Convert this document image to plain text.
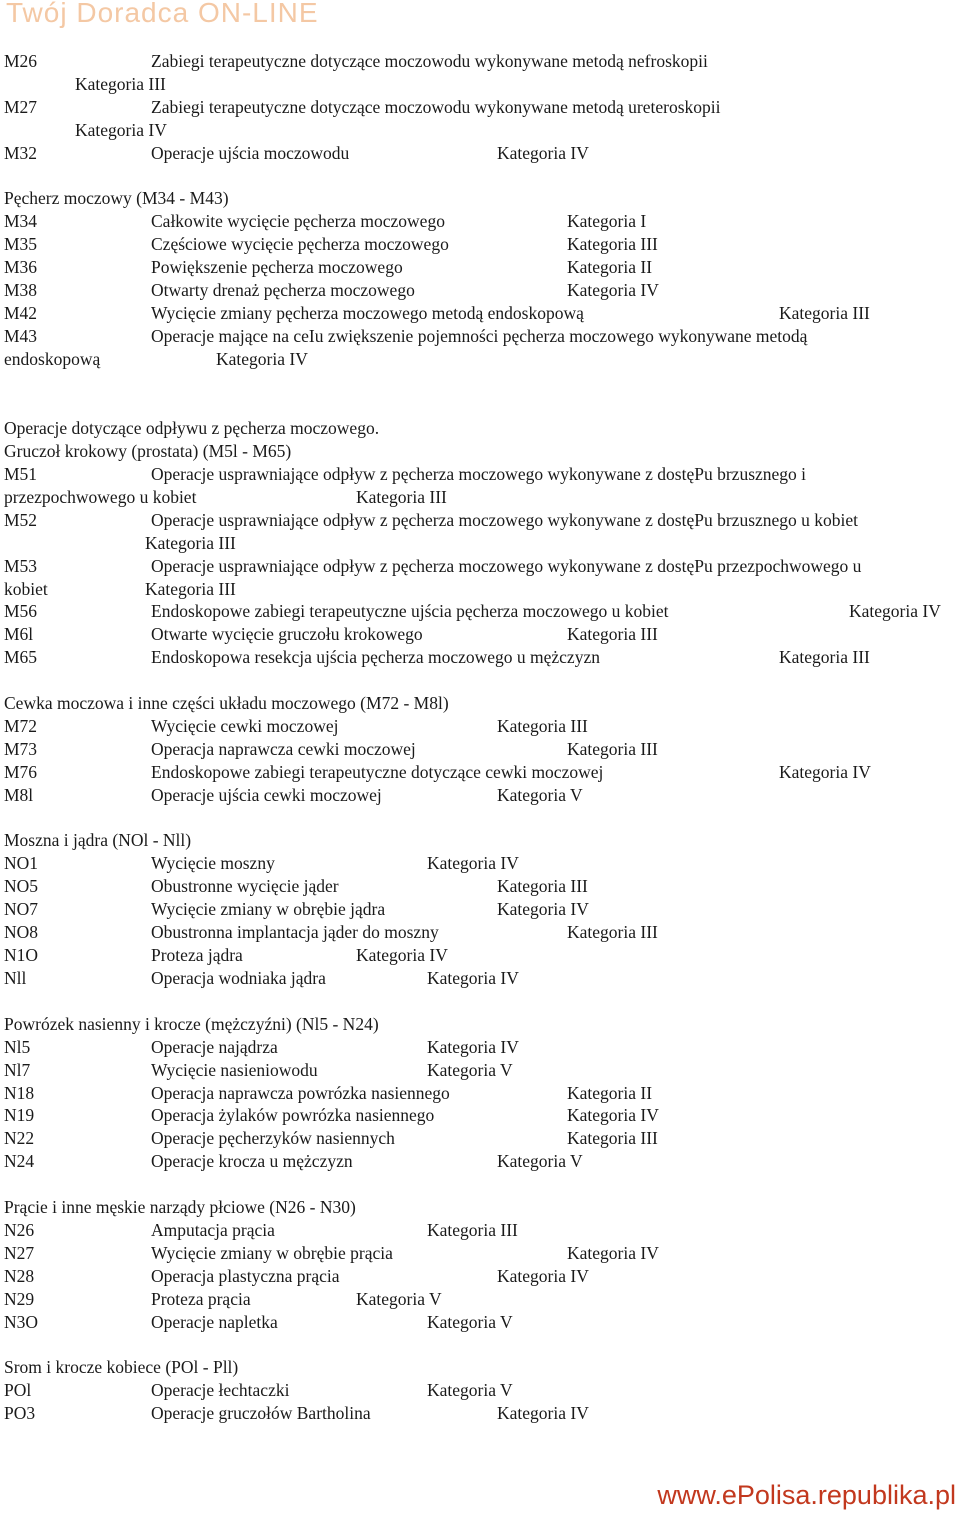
Twój Doradca ON-LINE
M26	Zabiegi terapeutyczne dotyczące moczowodu wykonywane metodą nefroskopii
Kategoria III
M27	Zabiegi terapeutyczne dotyczące moczowodu wykonywane metodą ureteroskopii
Kategoria IV
M32	Operacje ujścia moczowodu	Kategoria IV
Pęcherz moczowy (M34 - M43)
M34	Całkowite wycięcie pęcherza moczowego	Kategoria I
M35	Częściowe wycięcie pęcherza moczowego	Kategoria III
M36	Powiększenie pęcherza moczowego	Kategoria II
M38	Otwarty drenaż pęcherza moczowego	Kategoria IV
M42	Wycięcie zmiany pęcherza moczowego metodą endoskopową	Kategoria III
M43	Operacje mające na ceIu zwiększenie pojemności pęcherza moczowego wykonywane metodą
endoskopową	Kategoria IV
Operacje dotyczące odpływu z pęcherza moczowego.
Gruczoł krokowy (prostata) (M5l - M65)
M51	Operacje usprawniające odpływ z pęcherza moczowego wykonywane z dostęPu brzusznego i
przezpochwowego u kobiet	Kategoria III
M52	Operacje usprawniające odpływ z pęcherza moczowego wykonywane z dostęPu brzusznego u kobiet
Kategoria III
M53	Operacje usprawniające odpływ z pęcherza moczowego wykonywane z dostęPu przezpochwowego u
kobiet	Kategoria III
M56	Endoskopowe zabiegi terapeutyczne ujścia pęcherza moczowego u kobiet	Kategoria IV
M6l	Otwarte wycięcie gruczołu krokowego	Kategoria III
M65	Endoskopowa resekcja ujścia pęcherza moczowego u mężczyzn	Kategoria III
Cewka moczowa i inne części układu moczowego (M72 - M8l)
M72	Wycięcie cewki moczowej	Kategoria III
M73	Operacja naprawcza cewki moczowej	Kategoria III
M76	Endoskopowe zabiegi terapeutyczne dotyczące cewki moczowej	Kategoria IV
M8l	Operacje ujścia cewki moczowej	Kategoria V
Moszna i jądra (NOl - Nll)
NO1	Wycięcie moszny	Kategoria IV
NO5	Obustronne wycięcie jąder	Kategoria III
NO7	Wycięcie zmiany w obrębie jądra	Kategoria IV
NO8	Obustronna implantacja jąder do moszny	Kategoria III
N1O	Proteza jądra	Kategoria IV
Nll	Operacja wodniaka jądra	Kategoria IV
Powrózek nasienny i krocze (mężczyźni) (Nl5 - N24)
Nl5	Operacje najądrza	Kategoria IV
Nl7	Wycięcie nasieniowodu	Kategoria V
N18	Operacja naprawcza powrózka nasiennego	Kategoria II
N19	Operacja żylaków powrózka nasiennego	Kategoria IV
N22	Operacje pęcherzyków nasiennych	Kategoria III
N24	Operacje krocza u mężczyzn	Kategoria V
Prącie i inne męskie narządy płciowe (N26 - N30)
N26	Amputacja prącia	Kategoria III
N27	Wycięcie zmiany w obrębie prącia	Kategoria IV
N28	Operacja plastyczna prącia	Kategoria IV
N29	Proteza prącia	Kategoria V
N3O	Operacje napletka	Kategoria V
Srom i krocze kobiece (POl - Pll)
POl	Operacje łechtaczki	Kategoria V
PO3	Operacje gruczołów Bartholina	Kategoria IV
www.ePolisa.republika.pl
